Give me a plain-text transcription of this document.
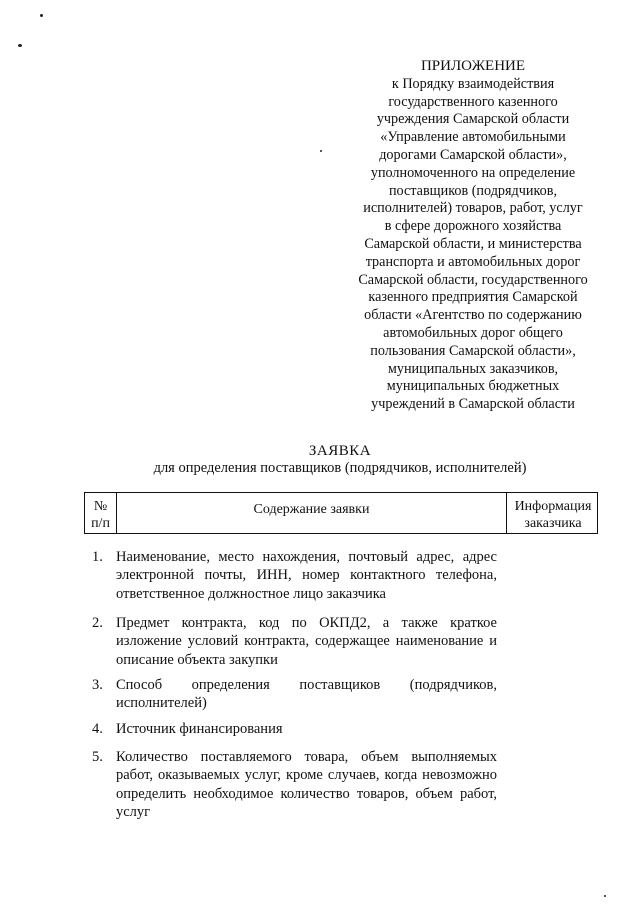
ПРИЛОЖЕНИЕ
к Порядку взаимодействия
государственного казенного
учреждения Самарской области
«Управление автомобильными
дорогами Самарской области»,
уполномоченного на определение
поставщиков (подрядчиков,
исполнителей) товаров, работ, услуг
в сфере дорожного хозяйства
Самарской области, и министерства
транспорта и автомобильных дорог
Самарской области, государственного
казенного предприятия Самарской
области «Агентство по содержанию
автомобильных дорог общего
пользования Самарской области»,
муниципальных заказчиков,
муниципальных бюджетных
учреждений в Самарской области
ЗАЯВКА
для определения поставщиков (подрядчиков, исполнителей)
№
п/п
Содержание заявки	Информация
заказчика
1. Наименование, место нахождения, почтовый адрес, адрес электронной почты, ИНН, номер контактного телефона, ответственное должностное лицо заказчика
2. Предмет контракта, код по ОКПД2, а также краткое изложение условий контракта, содержащее наименование и описание объекта закупки
3. Способ определения поставщиков (подрядчиков, исполнителей)
4. Источник финансирования
5. Количество поставляемого товара, объем выполняемых работ, оказываемых услуг, кроме случаев, когда невозможно определить необходимое количество товаров, объем работ, услуг
